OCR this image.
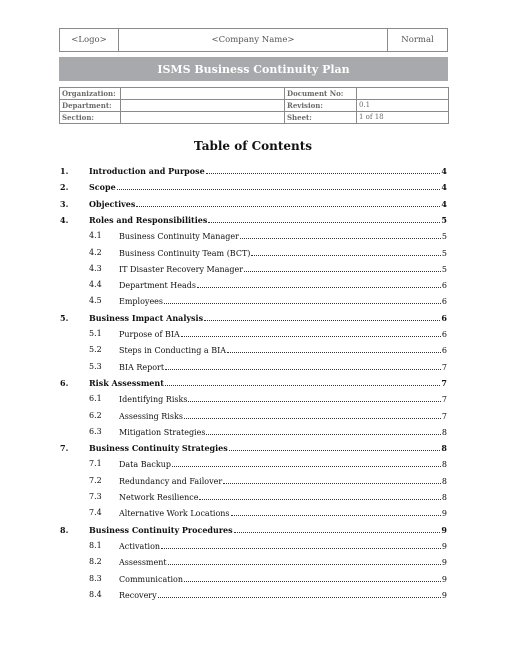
<Logo>	<Company Name>	Normal
ISMS Business Continuity Plan
Organization:		Document No:	
Department:		Revision:	0.1
Section:		Sheet:	1 of 18
Table of Contents
1.	Introduction and Purpose	4
2.	Scope	4
3.	Objectives	4
4.	Roles and Responsibilities	5
4.1 Business Continuity Manager	5
4.2 Business Continuity Team (BCT)	5
4.3 IT Disaster Recovery Manager	5
4.4 Department Heads	6
4.5 Employees	6
5.	Business Impact Analysis	6
5.1 Purpose of BIA	6
5.2 Steps in Conducting a BIA	6
5.3 BIA Report	7
6.	Risk Assessment	7
6.1 Identifying Risks	7
6.2 Assessing Risks	7
6.3 Mitigation Strategies	8
7.	Business Continuity Strategies	8
7.1 Data Backup	8
7.2 Redundancy and Failover	8
7.3 Network Resilience	8
7.4 Alternative Work Locations	9
8.	Business Continuity Procedures	9
8.1 Activation	9
8.2 Assessment	9
8.3 Communication	9
8.4 Recovery	9
